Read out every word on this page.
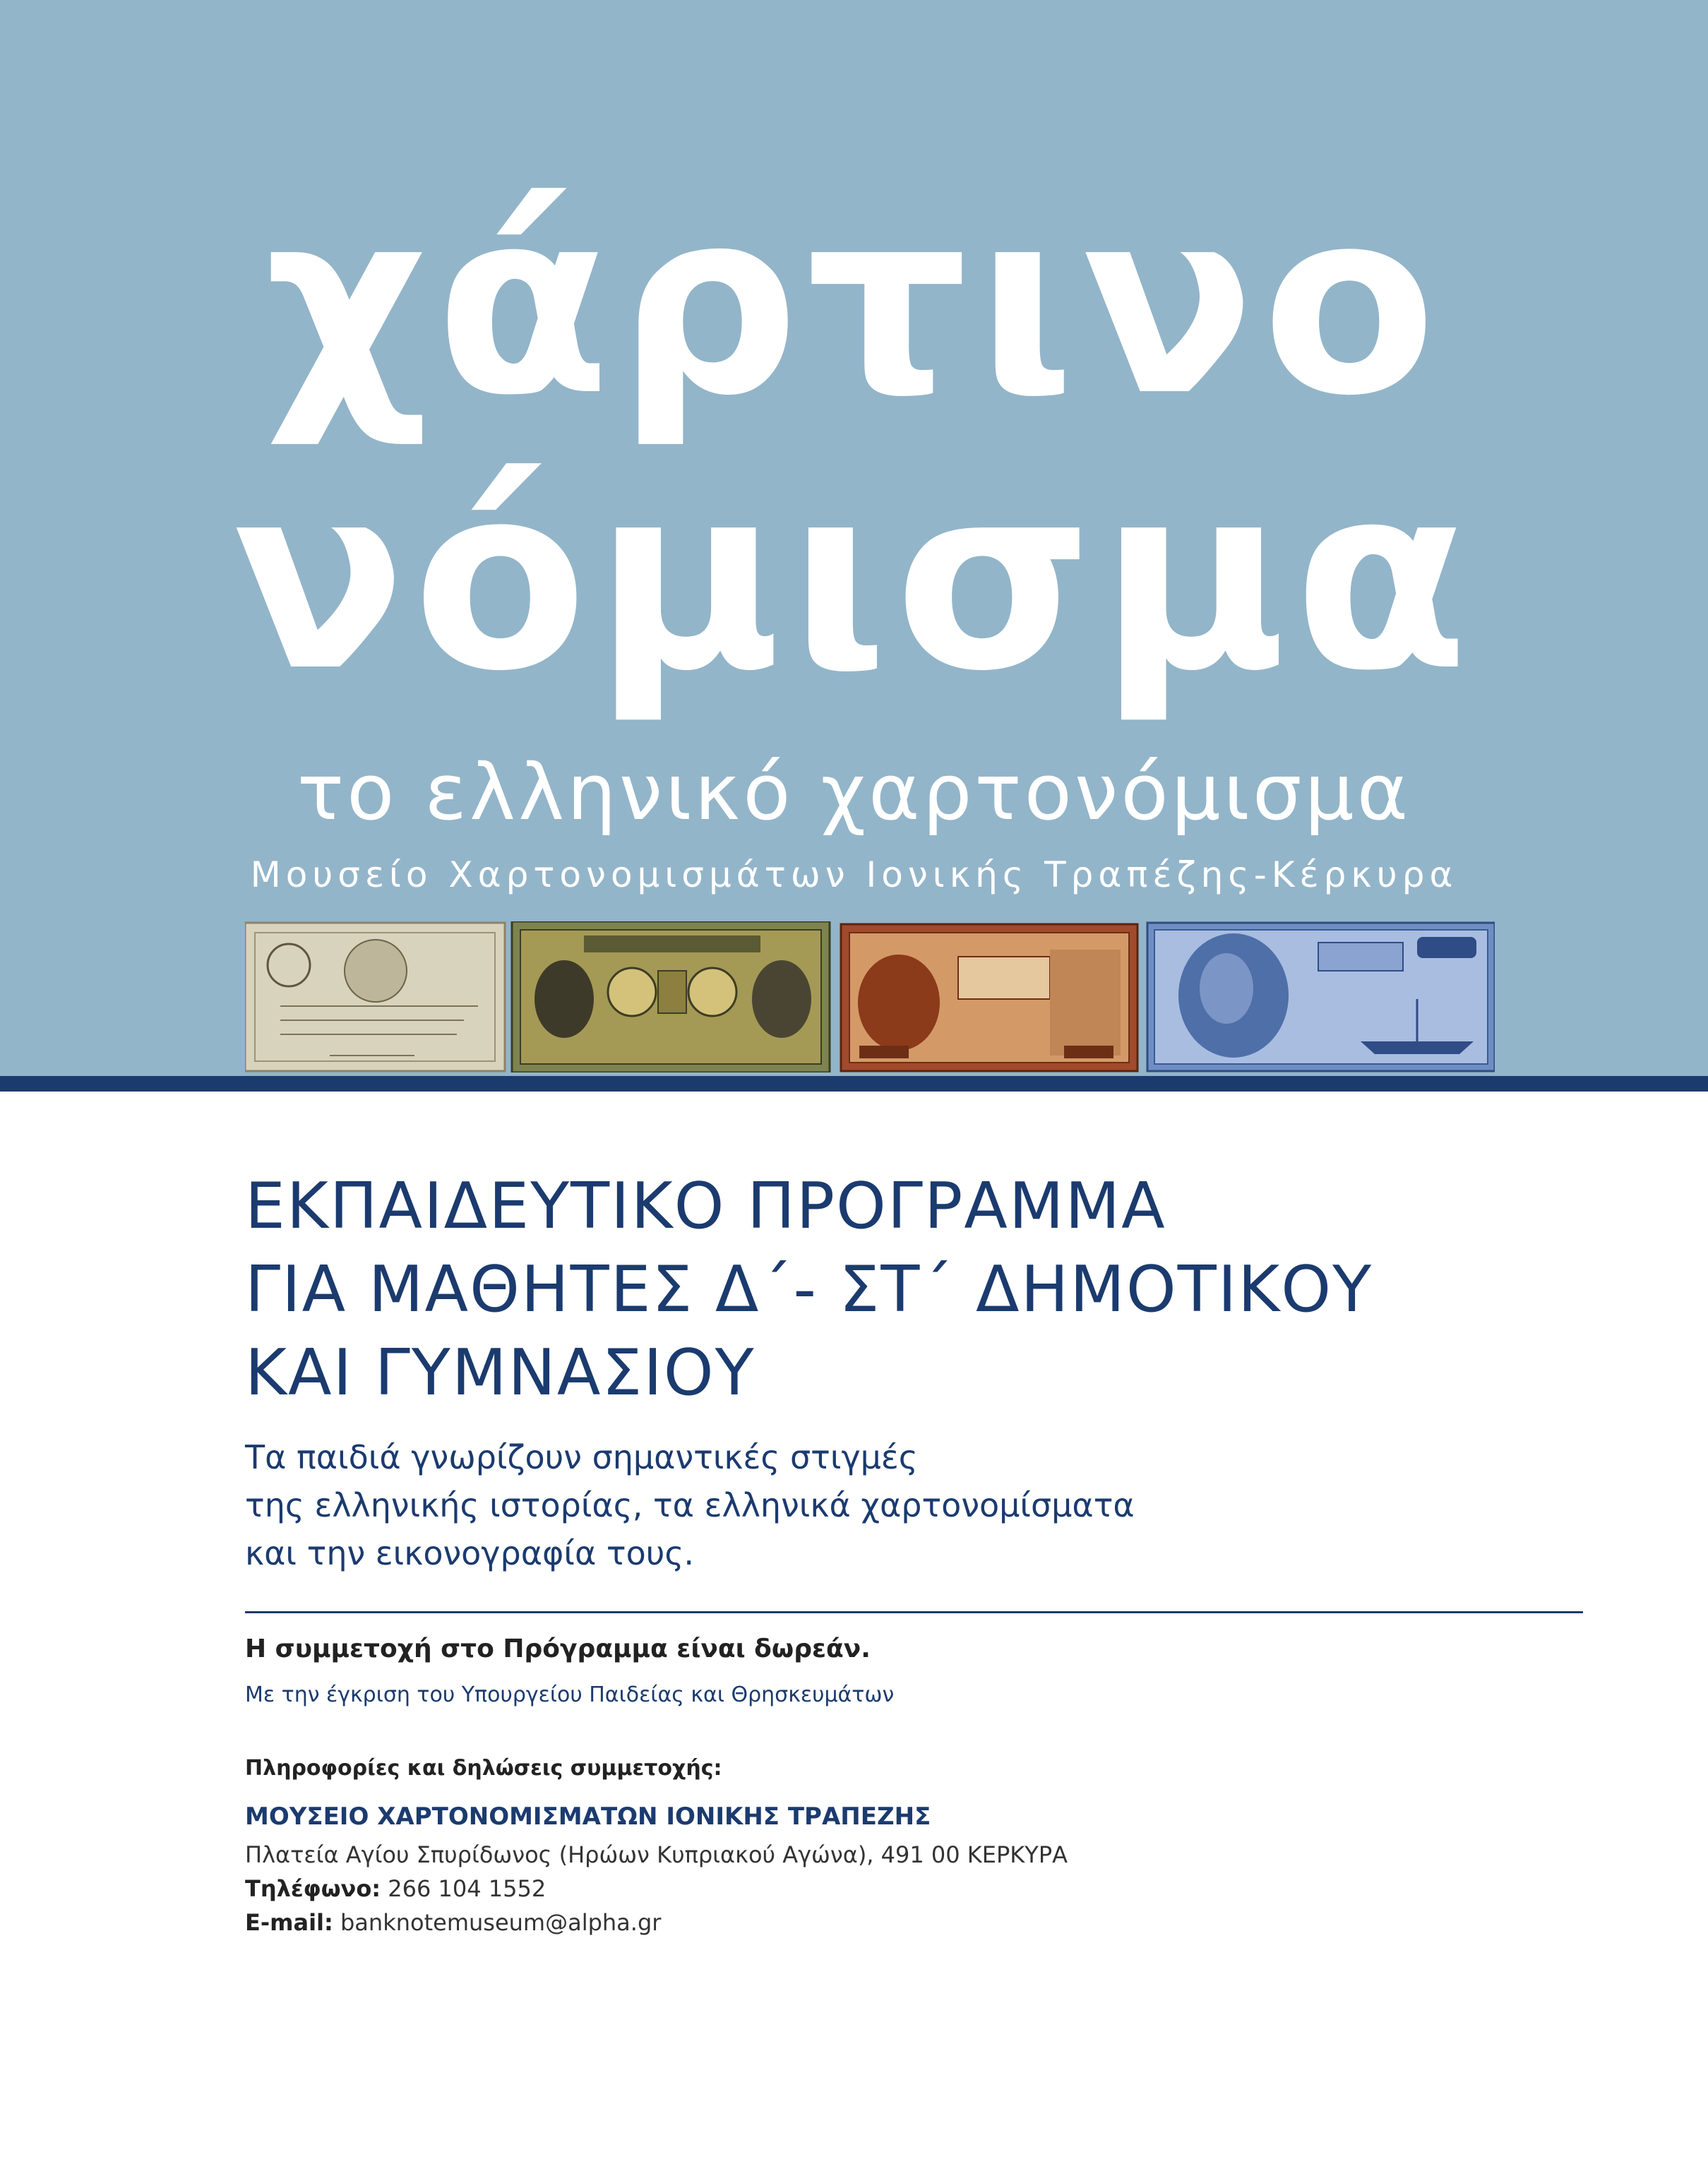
χάρτινο
νόμισμα
το ελληνικό χαρτονόμισμα
Μουσείο Χαρτονομισμάτων Ιονικής Τραπέζης-Κέρκυρα
ΕΚΠΑΙΔΕΥΤΙΚΟ ΠΡΟΓΡΑΜΜΑ
ΓΙΑ ΜΑΘΗΤΕΣ Δ΄- ΣΤ΄ ΔΗΜΟΤΙΚΟΥ
ΚΑΙ ΓΥΜΝΑΣΙΟΥ
Τα παιδιά γνωρίζουν σημαντικές στιγμές
της ελληνικής ιστορίας, τα ελληνικά χαρτονομίσματα
και την εικονογραφία τους.
Η συμμετοχή στο Πρόγραμμα είναι δωρεάν.
Με την έγκριση του Υπουργείου Παιδείας και Θρησκευμάτων
Πληροφορίες και δηλώσεις συμμετοχής:
ΜΟΥΣΕΙΟ ΧΑΡΤΟΝΟΜΙΣΜΑΤΩΝ ΙΟΝΙΚΗΣ ΤΡΑΠΕΖΗΣ
Πλατεία Αγίου Σπυρίδωνος (Ηρώων Κυπριακού Αγώνα), 491 00 ΚΕΡΚΥΡΑ
Τηλέφωνο: 266 104 1552
E-mail: banknotemuseum@alpha.gr
